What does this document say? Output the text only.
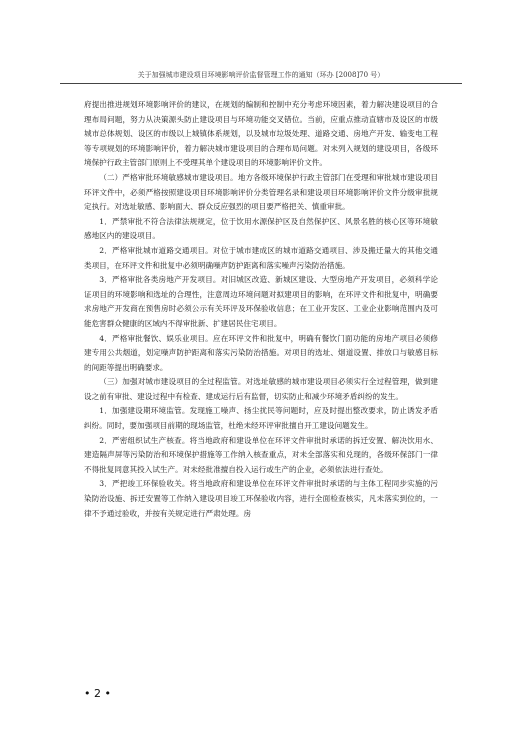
关于加强城市建设项目环境影响评价监督管理工作的通知（环办 [2008]70 号）

府提出推进规划环境影响评价的建议，在规划的编制和控制中充分考虑环境因素，着力解决建设项目的合理布局问题，努力从决策源头防止建设项目与环境功能交叉错位。当前，应重点推动直辖市及设区的市级城市总体规划、设区的市级以上城镇体系规划，以及城市垃圾处理、道路交通、房地产开发、输变电工程等专项规划的环境影响评价，着力解决城市建设项目的合理布局问题。对未列入规划的建设项目，各级环境保护行政主管部门原则上不受理其单个建设项目的环境影响评价文件。

（二）严格审批环境敏感城市建设项目。地方各级环境保护行政主管部门在受理和审批城市建设项目环评文件中，必须严格按照建设项目环境影响评价分类管理名录和建设项目环境影响评价文件分级审批规定执行。对选址敏感、影响面大、群众反应强烈的项目要严格把关、慎重审批。

1．严禁审批不符合法律法规规定，位于饮用水源保护区及自然保护区、风景名胜的核心区等环境敏感地区内的建设项目。

2．严格审批城市道路交通项目。对位于城市建成区的城市道路交通项目、涉及搬迁量大的其他交通类项目，在环评文件和批复中必须明确噪声防护距离和落实噪声污染防治措施。

3．严格审批各类房地产开发项目。对旧城区改造、新城区建设、大型房地产开发项目，必须科学论证项目的环境影响和选址的合理性，注意周边环境问题对拟建项目的影响，在环评文件和批复中，明确要求房地产开发商在预售房时必须公示有关环评及环保验收信息；在工业开发区、工业企业影响范围内及可能危害群众健康的区域内不得审批新、扩建居民住宅项目。

4．严格审批餐饮、娱乐业项目。应在环评文件和批复中，明确有餐饮门面功能的房地产项目必须修建专用公共烟道，划定噪声防护距离和落实污染防治措施。对项目的选址、烟道设置、排放口与敏感目标的间距等提出明确要求。

（三）加强对城市建设项目的全过程监管。对选址敏感的城市建设项目必须实行全过程管理，做到建设之前有审批、建设过程中有检查、建成运行后有监督，切实防止和减少环境矛盾纠纷的发生。

1．加强建设期环境监管。发现施工噪声、扬尘扰民等问题时，应及时提出整改要求，防止诱发矛盾纠纷。同时，要加强项目前期的现场监管，杜绝未经环评审批擅自开工建设问题发生。

2．严密组织试生产核查。将当地政府和建设单位在环评文件审批时承诺的拆迁安置、解决饮用水、建造隔声屏等污染防治和环境保护措施等工作纳入核查重点，对未全部落实和兑现的，各级环保部门一律不得批复同意其投入试生产。对未经批准擅自投入运行或生产的企业，必须依法进行查处。

3．严把竣工环保验收关。将当地政府和建设单位在环评文件审批时承诺的与主体工程同步实施的污染防治设施、拆迁安置等工作纳入建设项目竣工环保验收内容，进行全面检查核实，凡未落实到位的，一律不予通过验收，并按有关规定进行严肃处理。房

• 2 •
